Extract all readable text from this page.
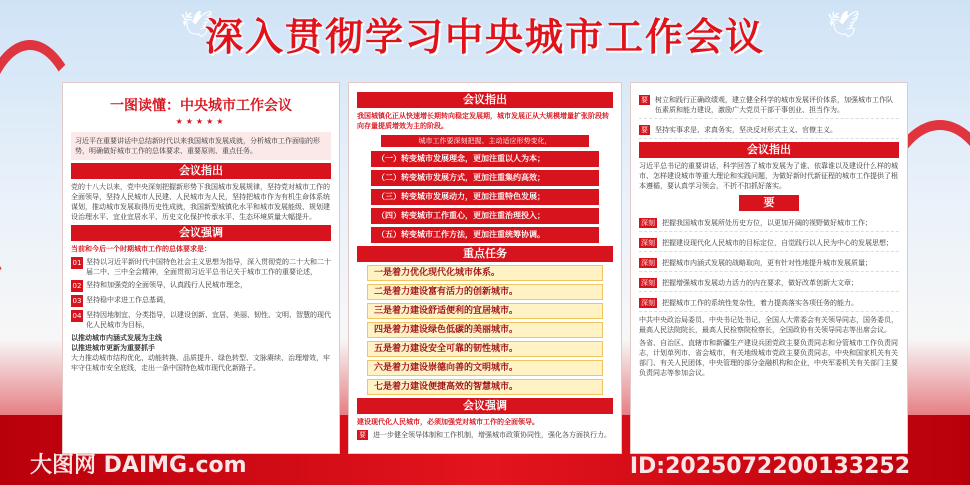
🕊	🕊
深入贯彻学习中央城市工作会议
一图读懂：中央城市工作会议
★★★★★
习近平在重要讲话中总结新时代以来我国城市发展成就，分析城市工作面临的形势，明确做好城市工作的总体要求、重要原则、重点任务。
会议指出
党的十八大以来，党中央深刻把握新形势下我国城市发展规律，坚持党对城市工作的全面领导，坚持人民城市人民建、人民城市为人民，坚持把城市作为有机生命体系统谋划，推动城市发展取得历史性成就，我国新型城镇化水平和城市发展能级、规划建设治理水平、宜业宜居水平、历史文化保护传承水平、生态环境质量大幅提升。
会议强调
当前和今后一个时期城市工作的总体要求是：
01 坚持以习近平新时代中国特色社会主义思想为指导，深入贯彻党的二十大和二十届二中、三中全会精神，全面贯彻习近平总书记关于城市工作的重要论述，
02 坚持和加强党的全面领导，认真践行人民城市理念，
03 坚持稳中求进工作总基调，
04 坚持因地制宜、分类指导，以建设创新、宜居、美丽、韧性、文明、智慧的现代化人民城市为目标，
以推动城市内涵式发展为主线
以推进城市更新为重要抓手
大力推动城市结构优化、动能转换、品质提升、绿色转型、文脉赓续、治理增效，牢牢守住城市安全底线，走出一条中国特色城市现代化新路子。
会议指出
我国城镇化正从快速增长期转向稳定发展期，城市发展正从大规模增量扩张阶段转向存量提质增效为主的阶段。
城市工作要深刻把握、主动适应形势变化，
（一）转变城市发展理念，更加注重以人为本；
（二）转变城市发展方式，更加注重集约高效；
（三）转变城市发展动力，更加注重特色发展；
（四）转变城市工作重心，更加注重治理投入；
（五）转变城市工作方法，更加注重统筹协调。
重点任务
一是着力优化现代化城市体系。
二是着力建设富有活力的创新城市。
三是着力建设舒适便利的宜居城市。
四是着力建设绿色低碳的美丽城市。
五是着力建设安全可靠的韧性城市。
六是着力建设崇德向善的文明城市。
七是着力建设便捷高效的智慧城市。
会议强调
建设现代化人民城市，必须加强党对城市工作的全面领导。
要 进一步健全领导体制和工作机制，增强城市政策协同性，强化各方面执行力。
要 树立和践行正确政绩观，建立健全科学的城市发展评价体系，加强城市工作队伍素质和能力建设，激励广大党员干部干事创业、担当作为。
要 坚持实事求是、求真务实，坚决反对形式主义、官僚主义。
会议指出
习近平总书记的重要讲话，科学回答了城市发展为了谁、依靠谁以及建设什么样的城市、怎样建设城市等重大理论和实践问题，为做好新时代新征程的城市工作提供了根本遵循，要认真学习领会，不折不扣抓好落实。
要
深刻 把握我国城市发展所处历史方位，以更加开阔的视野做好城市工作；
深刻 把握建设现代化人民城市的目标定位，自觉践行以人民为中心的发展思想；
深刻 把握城市内涵式发展的战略取向，更有针对性地提升城市发展质量；
深刻 把握增强城市发展动力活力的内在要求，做好改革创新大文章；
深刻 把握城市工作的系统性复杂性，着力提高落实各项任务的能力。
中共中央政治局委员、中央书记处书记，全国人大常委会有关领导同志，国务委员，最高人民法院院长，最高人民检察院检察长，全国政协有关领导同志等出席会议。
各省、自治区、直辖市和新疆生产建设兵团党政主要负责同志和分管城市工作负责同志，计划单列市、省会城市，有关地级城市党政主要负责同志，中央和国家机关有关部门、有关人民团体，中央管理的部分金融机构和企业，中央军委机关有关部门主要负责同志等参加会议。
大图网 DAIMG.com	ID:2025072200133252
